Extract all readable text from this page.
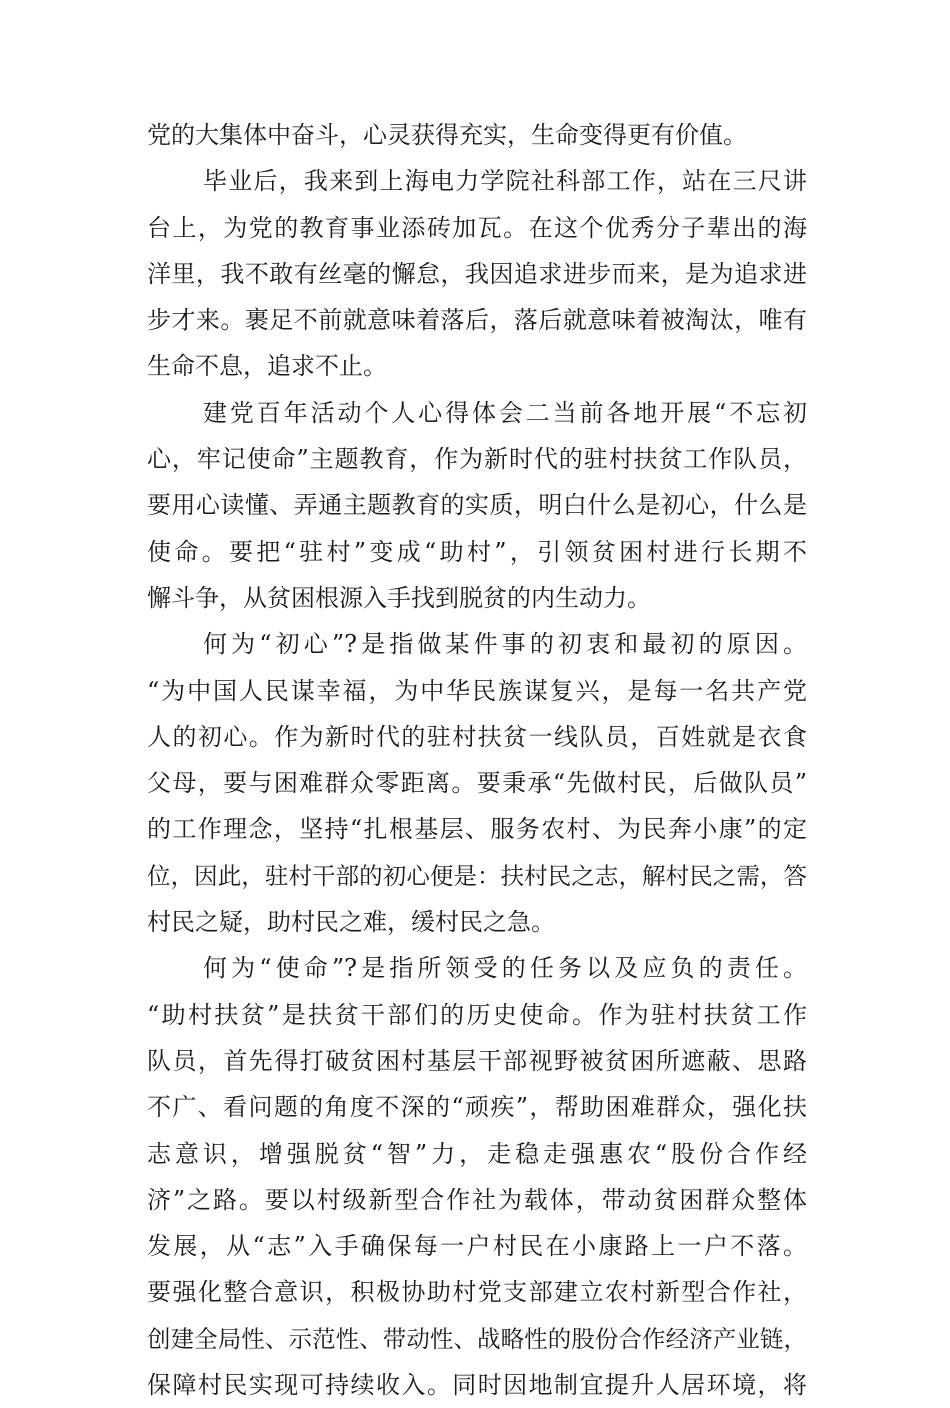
党的大集体中奋斗，心灵获得充实，生命变得更有价值。
毕业后，我来到上海电力学院社科部工作，站在三尺讲
台上，为党的教育事业添砖加瓦。在这个优秀分子辈出的海
洋里，我不敢有丝毫的懈怠，我因追求进步而来，是为追求进
步才来。裹足不前就意味着落后，落后就意味着被淘汰，唯有
生命不息，追求不止。
建党百年活动个人心得体会二当前各地开展“不忘初
心，牢记使命”主题教育，作为新时代的驻村扶贫工作队员，
要用心读懂、弄通主题教育的实质，明白什么是初心，什么是
使命。要把“驻村”变成“助村”，引领贫困村进行长期不
懈斗争，从贫困根源入手找到脱贫的内生动力。
何为“初心”?是指做某件事的初衷和最初的原因。
“为中国人民谋幸福，为中华民族谋复兴，是每一名共产党
人的初心。作为新时代的驻村扶贫一线队员，百姓就是衣食
父母，要与困难群众零距离。要秉承“先做村民，后做队员”
的工作理念，坚持“扎根基层、服务农村、为民奔小康”的定
位，因此，驻村干部的初心便是：扶村民之志，解村民之需，答
村民之疑，助村民之难，缓村民之急。
何为“使命”?是指所领受的任务以及应负的责任。
“助村扶贫”是扶贫干部们的历史使命。作为驻村扶贫工作
队员，首先得打破贫困村基层干部视野被贫困所遮蔽、思路
不广、看问题的角度不深的“顽疾”，帮助困难群众，强化扶
志意识，增强脱贫“智”力，走稳走强惠农“股份合作经
济”之路。要以村级新型合作社为载体，带动贫困群众整体
发展，从“志”入手确保每一户村民在小康路上一户不落。
要强化整合意识，积极协助村党支部建立农村新型合作社，
创建全局性、示范性、带动性、战略性的股份合作经济产业链，
保障村民实现可持续收入。同时因地制宜提升人居环境，将
